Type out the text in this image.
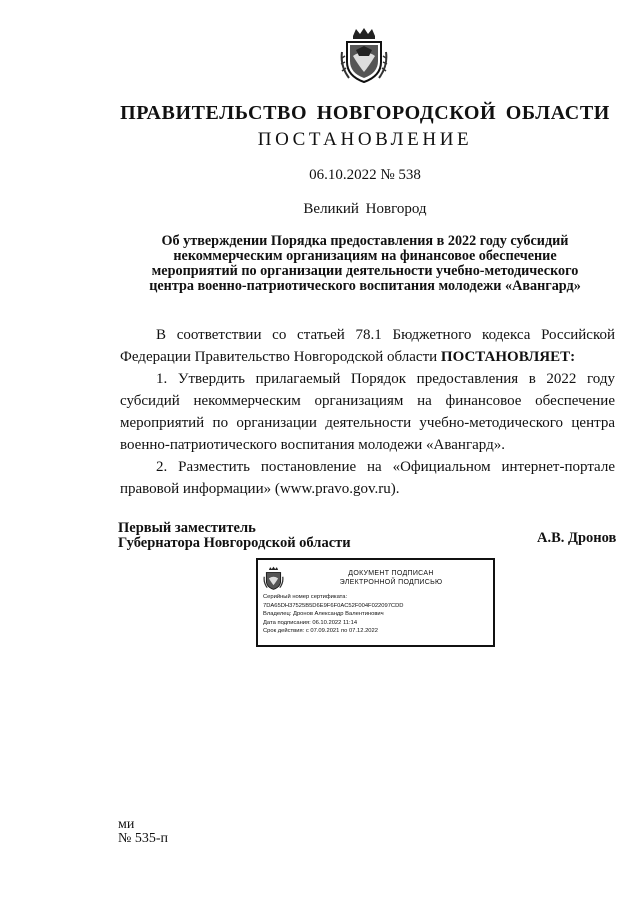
ПРАВИТЕЛЬСТВО НОВГОРОДСКОЙ ОБЛАСТИ
ПОСТАНОВЛЕНИЕ
06.10.2022 № 538
Великий Новгород
Об утверждении Порядка предоставления в 2022 году субсидий
некоммерческим организациям на финансовое обеспечение
мероприятий по организации деятельности учебно-методического
центра военно-патриотического воспитания молодежи «Авангард»

В соответствии со статьей 78.1 Бюджетного кодекса Российской Федерации Правительство Новгородской области ПОСТАНОВЛЯЕТ:

1. Утвердить прилагаемый Порядок предоставления в 2022 году субсидий некоммерческим организациям на финансовое обеспечение мероприятий по организации деятельности учебно-методического центра военно-патриотического воспитания молодежи «Авангард».

2. Разместить постановление на «Официальном интернет-портале правовой информации» (www.pravo.gov.ru).

Первый заместитель
Губернатора Новгородской области	А.В. Дронов
ДОКУМЕНТ ПОДПИСАН
ЭЛЕКТРОННОЙ ПОДПИСЬЮ
Серийный номер сертификата:
7DA65DH37525B5D6E9F6F0AC52F004F022097CDD
Владелец: Дронов Александр Валентинович
Дата подписания: 06.10.2022 11:14
Срок действия: с 07.09.2021 по 07.12.2022
ми
№ 535-п
